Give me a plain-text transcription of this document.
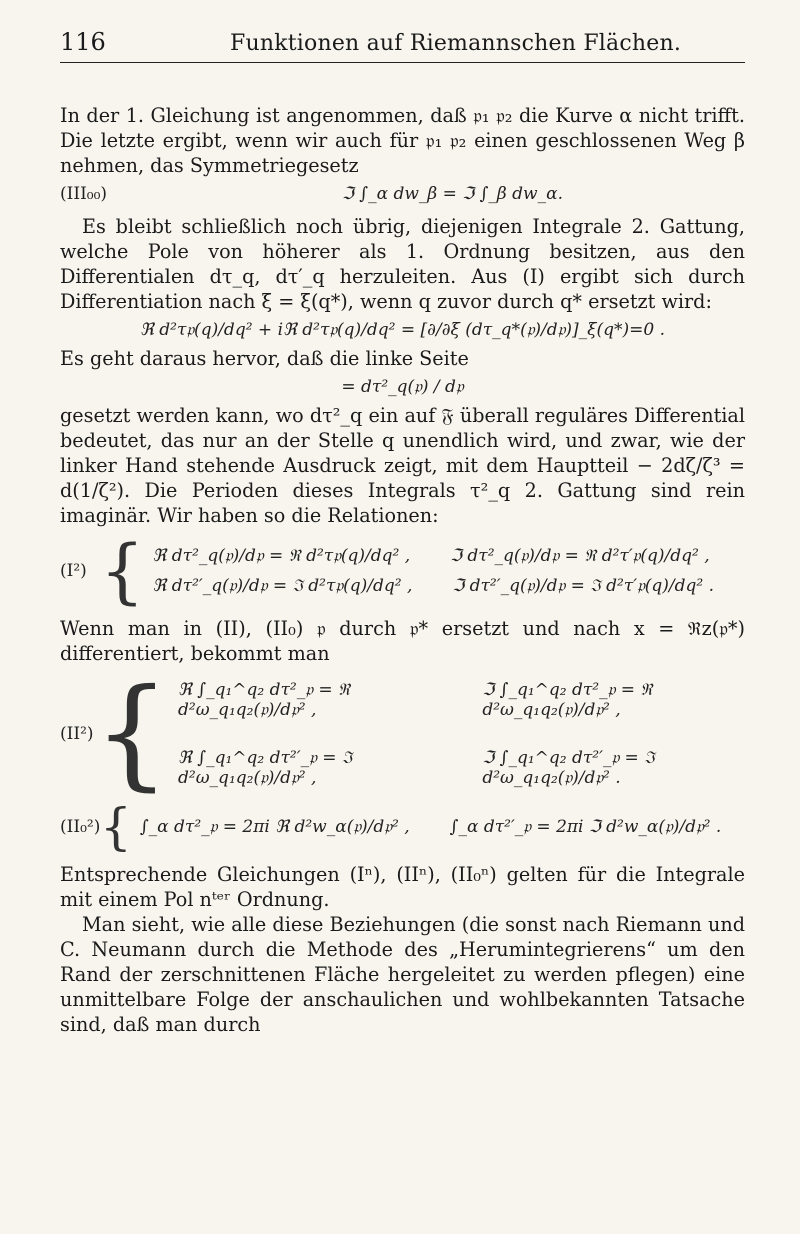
116	Funktionen auf Riemannschen Flächen.

In der 1. Gleichung ist angenommen, daß 𝔭₁ 𝔭₂ die Kurve α nicht trifft. Die letzte ergibt, wenn wir auch für 𝔭₁ 𝔭₂ einen geschlossenen Weg β nehmen, das Symmetriegesetz

(III₀₀)	ℑ ∫_α dw_β = ℑ ∫_β dw_α.

Es bleibt schließlich noch übrig, diejenigen Integrale 2. Gattung, welche Pole von höherer als 1. Ordnung besitzen, aus den Differentialen dτ_q, dτ′_q herzuleiten. Aus (I) ergibt sich durch Differentiation nach ξ = ξ(q*), wenn q zuvor durch q* ersetzt wird:

ℜ d²τ𝔭(q)/dq² + iℜ d²τ𝔭(q)/dq² = [∂/∂ξ (dτ_q*(𝔭)/d𝔭)]_ξ(q*)=0 .

Es geht daraus hervor, daß die linke Seite

= dτ²_q(𝔭) / d𝔭

gesetzt werden kann, wo dτ²_q ein auf 𝔉 überall reguläres Differential bedeutet, das nur an der Stelle q unendlich wird, und zwar, wie der linker Hand stehende Ausdruck zeigt, mit dem Hauptteil − 2dζ/ζ³ = d(1/ζ²). Die Perioden dieses Integrals τ²_q 2. Gattung sind rein imaginär. Wir haben so die Relationen:

(I²) { ℜ dτ²_q(𝔭)/d𝔭 = ℜ d²τ𝔭(q)/dq² , ℑ dτ²_q(𝔭)/d𝔭 = ℜ d²τ′𝔭(q)/dq² ,
ℜ dτ²′_q(𝔭)/d𝔭 = ℑ d²τ𝔭(q)/dq² , ℑ dτ²′_q(𝔭)/d𝔭 = ℑ d²τ′𝔭(q)/dq² .

Wenn man in (II), (II₀) 𝔭 durch 𝔭* ersetzt und nach x = ℜz(𝔭*) differentiert, bekommt man

(II²) { ℜ ∫_q₁^q₂ dτ²_𝔭 = ℜ d²ω_q₁q₂(𝔭)/d𝔭² ,
ℑ ∫_q₁^q₂ dτ²_𝔭 = ℜ d²ω_q₁q₂(𝔭)/d𝔭² ,
ℜ ∫_q₁^q₂ dτ²′_𝔭 = ℑ d²ω_q₁q₂(𝔭)/d𝔭² ,
ℑ ∫_q₁^q₂ dτ²′_𝔭 = ℑ d²ω_q₁q₂(𝔭)/d𝔭² .
(II₀²) { ∫_α dτ²_𝔭 = 2πi ℜ d²w_α(𝔭)/d𝔭² , ∫_α dτ²′_𝔭 = 2πi ℑ d²w_α(𝔭)/d𝔭² .

Entsprechende Gleichungen (Iⁿ), (IIⁿ), (II₀ⁿ) gelten für die Integrale mit einem Pol nᵗᵉʳ Ordnung.

Man sieht, wie alle diese Beziehungen (die sonst nach Riemann und C. Neumann durch die Methode des „Herumintegrierens“ um den Rand der zerschnittenen Fläche hergeleitet zu werden pflegen) eine unmittelbare Folge der anschaulichen und wohlbekannten Tatsache sind, daß man durch
